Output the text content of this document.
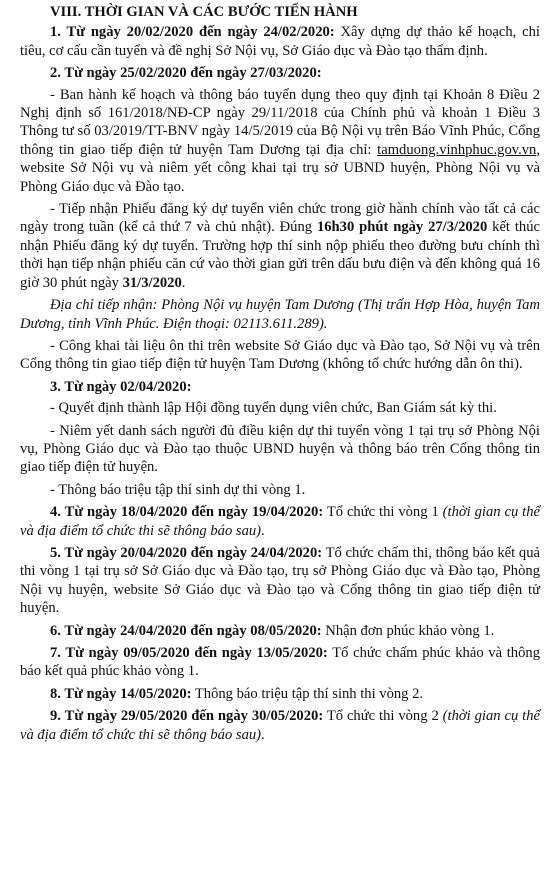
VIII. THỜI GIAN VÀ CÁC BƯỚC TIẾN HÀNH
1. Từ ngày 20/02/2020 đến ngày 24/02/2020: Xây dựng dự thảo kế hoạch, chỉ tiêu, cơ cấu cần tuyển và đề nghị Sở Nội vụ, Sở Giáo dục và Đào tạo thẩm định.
2. Từ ngày 25/02/2020 đến ngày 27/03/2020:
- Ban hành kế hoạch và thông báo tuyển dụng theo quy định tại Khoản 8 Điều 2 Nghị định số 161/2018/NĐ-CP ngày 29/11/2018 của Chính phủ và khoản 1 Điều 3 Thông tư số 03/2019/TT-BNV ngày 14/5/2019 của Bộ Nội vụ trên Báo Vĩnh Phúc, Cổng thông tin giao tiếp điện tử huyện Tam Dương tại địa chỉ: tamduong.vinhphuc.gov.vn, website Sở Nội vụ và niêm yết công khai tại trụ sở UBND huyện, Phòng Nội vụ và Phòng Giáo dục và Đào tạo.
- Tiếp nhận Phiếu đăng ký dự tuyển viên chức trong giờ hành chính vào tất cả các ngày trong tuần (kể cả thứ 7 và chủ nhật). Đúng 16h30 phút ngày 27/3/2020 kết thúc nhận Phiếu đăng ký dự tuyển. Trường hợp thí sinh nộp phiếu theo đường bưu chính thì thời hạn tiếp nhận phiếu căn cứ vào thời gian gửi trên dấu bưu điện và đến không quá 16 giờ 30 phút ngày 31/3/2020.
Địa chỉ tiếp nhận: Phòng Nội vụ huyện Tam Dương (Thị trấn Hợp Hòa, huyện Tam Dương, tỉnh Vĩnh Phúc. Điện thoại: 02113.611.289).
- Công khai tài liệu ôn thi trên website Sở Giáo dục và Đào tạo, Sở Nội vụ và trên Cổng thông tin giao tiếp điện tử huyện Tam Dương (không tổ chức hướng dẫn ôn thi).
3. Từ ngày 02/04/2020:
- Quyết định thành lập Hội đồng tuyển dụng viên chức, Ban Giám sát kỳ thi.
- Niêm yết danh sách người đủ điều kiện dự thi tuyển vòng 1 tại trụ sở Phòng Nội vụ, Phòng Giáo dục và Đào tạo thuộc UBND huyện và thông báo trên Cổng thông tin giao tiếp điện tử huyện.
- Thông báo triệu tập thí sinh dự thi vòng 1.
4. Từ ngày 18/04/2020 đến ngày 19/04/2020: Tổ chức thi vòng 1 (thời gian cụ thể và địa điểm tổ chức thi sẽ thông báo sau).
5. Từ ngày 20/04/2020 đến ngày 24/04/2020: Tổ chức chấm thi, thông báo kết quả thi vòng 1 tại trụ sở Sở Giáo dục và Đào tạo, trụ sở Phòng Giáo dục và Đào tạo, Phòng Nội vụ huyện, website Sở Giáo dục và Đào tạo và Cổng thông tin giao tiếp điện tử huyện.
6. Từ ngày 24/04/2020 đến ngày 08/05/2020: Nhận đơn phúc khảo vòng 1.
7. Từ ngày 09/05/2020 đến ngày 13/05/2020: Tổ chức chấm phúc khảo và thông báo kết quả phúc khảo vòng 1.
8. Từ ngày 14/05/2020: Thông báo triệu tập thí sinh thi vòng 2.
9. Từ ngày 29/05/2020 đến ngày 30/05/2020: Tổ chức thi vòng 2 (thời gian cụ thể và địa điểm tổ chức thi sẽ thông báo sau).
